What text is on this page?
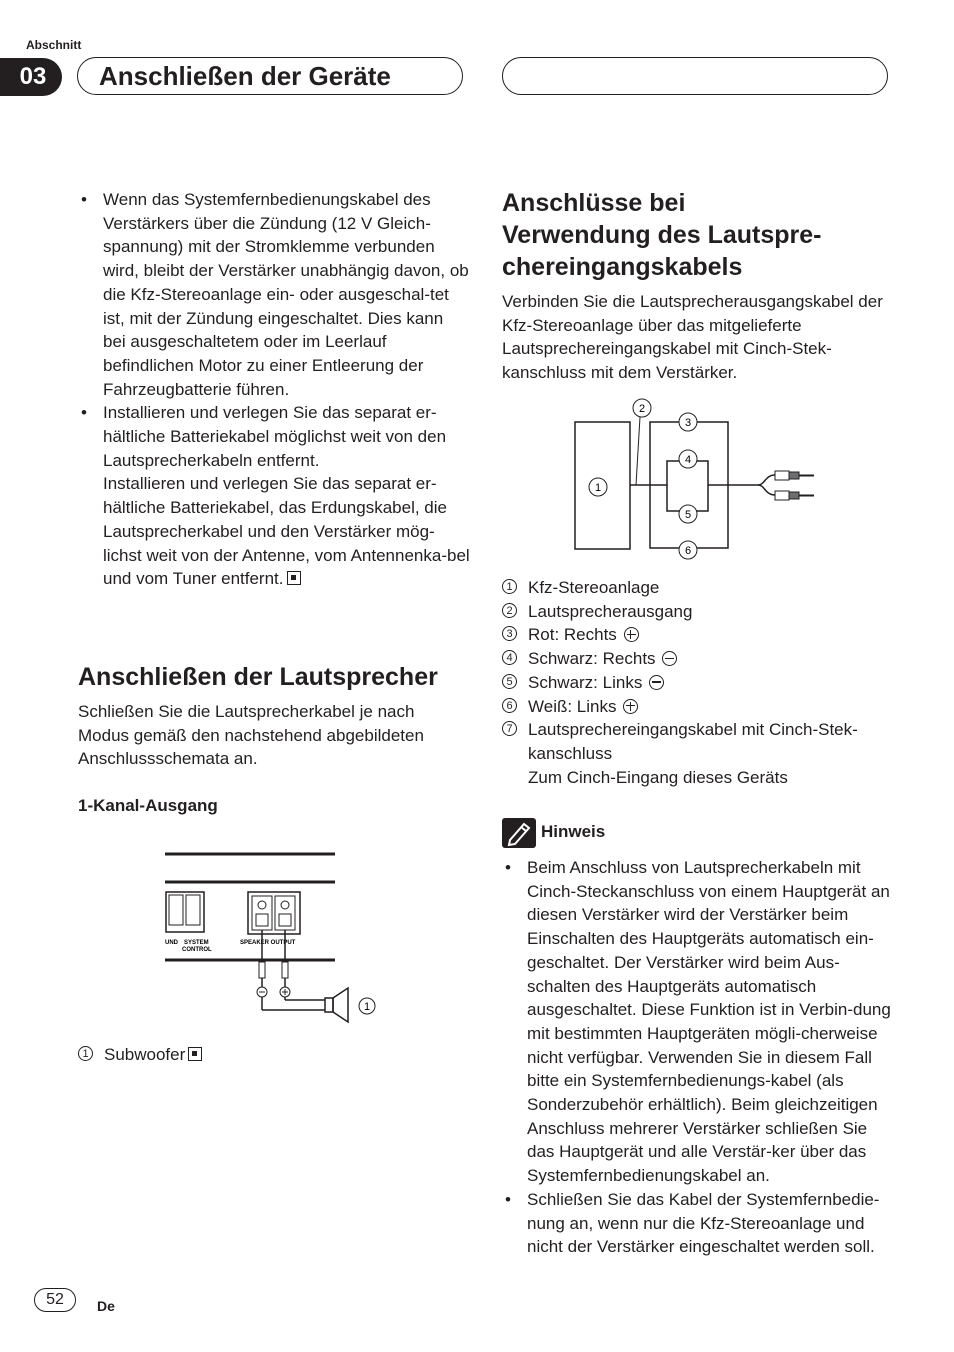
Abschnitt
03	Anschließen der Geräte
• Wenn das Systemfernbedienungskabel des Verstärkers über die Zündung (12 V Gleich-spannung) mit der Stromklemme verbunden wird, bleibt der Verstärker unabhängig davon, ob die Kfz-Stereoanlage ein- oder ausgeschal-tet ist, mit der Zündung eingeschaltet. Dies kann bei ausgeschaltetem oder im Leerlauf befindlichen Motor zu einer Entleerung der Fahrzeugbatterie führen.
• Installieren und verlegen Sie das separat er-hältliche Batteriekabel möglichst weit von den Lautsprecherkabeln entfernt.
Installieren und verlegen Sie das separat er-hältliche Batteriekabel, das Erdungskabel, die Lautsprecherkabel und den Verstärker mög-lichst weit von der Antenne, vom Antennenka-bel und vom Tuner entfernt.
Anschließen der Lautsprecher
Schließen Sie die Lautsprecherkabel je nach Modus gemäß den nachstehend abgebildeten Anschlussschemata an.
1-Kanal-Ausgang
UND SYSTEM
CONTROL
SPEAKER OUTPUT
1
1 Subwoofer
Anschlüsse bei
Verwendung des Lautspre-
chereingangskabels
Verbinden Sie die Lautsprecherausgangskabel der Kfz-Stereoanlage über das mitgelieferte Lautsprechereingangskabel mit Cinch-Stek-kanschluss mit dem Verstärker.
1
2
3
4
5
6
1 Kfz-Stereoanlage
2 Lautsprecherausgang
3 Rot: Rechts
4 Schwarz: Rechts
5 Schwarz: Links
6 Weiß: Links
7 Lautsprechereingangskabel mit Cinch-Stek-kanschluss
Zum Cinch-Eingang dieses Geräts
Hinweis
• Beim Anschluss von Lautsprecherkabeln mit Cinch-Steckanschluss von einem Hauptgerät an diesen Verstärker wird der Verstärker beim Einschalten des Hauptgeräts automatisch ein-geschaltet. Der Verstärker wird beim Aus-schalten des Hauptgeräts automatisch ausgeschaltet. Diese Funktion ist in Verbin-dung mit bestimmten Hauptgeräten mögli-cherweise nicht verfügbar. Verwenden Sie in diesem Fall bitte ein Systemfernbedienungs-kabel (als Sonderzubehör erhältlich). Beim gleichzeitigen Anschluss mehrerer Verstärker schließen Sie das Hauptgerät und alle Verstär-ker über das Systemfernbedienungskabel an.
• Schließen Sie das Kabel der Systemfernbedie-nung an, wenn nur die Kfz-Stereoanlage und nicht der Verstärker eingeschaltet werden soll.
52	De
